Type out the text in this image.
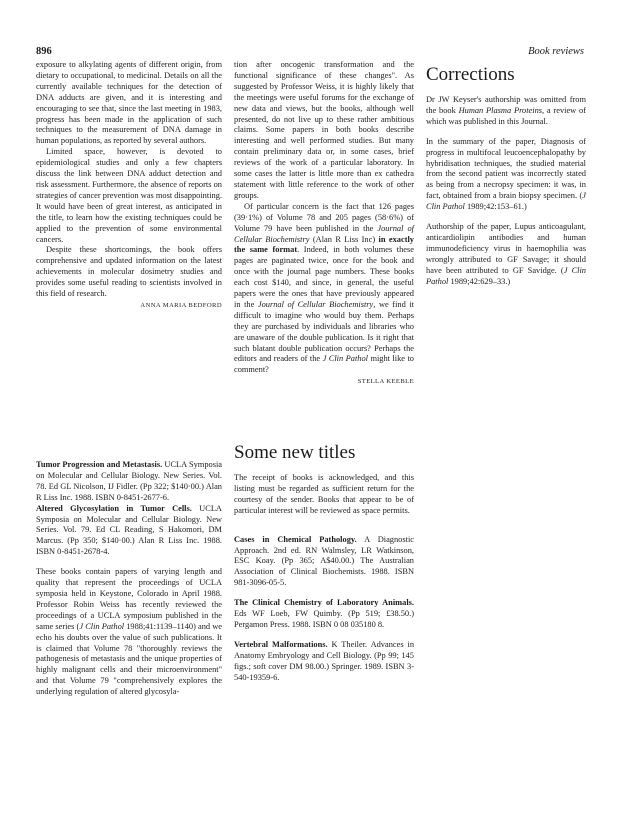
896	Book reviews

exposure to alkylating agents of different origin, from dietary to occupational, to medicinal. Details on all the currently available techniques for the detection of DNA adducts are given, and it is interesting and encouraging to see that, since the last meeting in 1983, progress has been made in the application of such techniques to the measurement of DNA damage in human populations, as reported by several authors.

Limited space, however, is devoted to epidemiological studies and only a few chapters discuss the link between DNA adduct detection and risk assessment. Furthermore, the absence of reports on strategies of cancer prevention was most disappointing. It would have been of great interest, as anticipated in the title, to learn how the existing techniques could be applied to the prevention of some environmental cancers.

Despite these shortcomings, the book offers comprehensive and updated information on the latest achievements in molecular dosimetry studies and provides some useful reading to scientists involved in this field of research.

ANNA MARIA BEDFORD

tion after oncogenic transformation and the functional significance of these changes". As suggested by Professor Weiss, it is highly likely that the meetings were useful forums for the exchange of new data and views, but the books, although well presented, do not live up to these rather ambitious claims. Some papers in both books describe interesting and well performed studies. But many contain preliminary data or, in some cases, brief reviews of the work of a particular laboratory. In some cases the latter is little more than ex cathedra statement with little reference to the work of other groups.

Of particular concern is the fact that 126 pages (39·1%) of Volume 78 and 205 pages (58·6%) of Volume 79 have been published in the Journal of Cellular Biochemistry (Alan R Liss Inc) in exactly the same format. Indeed, in both volumes these pages are paginated twice, once for the book and once with the journal page numbers. These books each cost $140, and since, in general, the useful papers were the ones that have previously appeared in the Journal of Cellular Biochemistry, we find it difficult to imagine who would buy them. Perhaps they are purchased by individuals and libraries who are unaware of the double publication. Is it right that such blatant double publication occurs? Perhaps the editors and readers of the J Clin Pathol might like to comment?

STELLA KEEBLE
Corrections

Dr JW Keyser's authorship was omitted from the book Human Plasma Proteins, a review of which was published in this Journal.

In the summary of the paper, Diagnosis of progress in multifocal leucoencephalopathy by hybridisation techniques, the studied material from the second patient was incorrectly stated as being from a necropsy specimen: it was, in fact, obtained from a brain biopsy specimen. (J Clin Pathol 1989;42:153–61.)

Authorship of the paper, Lupus anticoagulant, anticardiolipin antibodies and human immunodeficiency virus in haemophilia was wrongly attributed to GF Savage; it should have been attributed to GF Savidge. (J Clin Pathol 1989;42:629–33.)

Tumor Progression and Metastasis. UCLA Symposia on Molecular and Cellular Biology. New Series. Vol. 78. Ed GL Nicolson, IJ Fidler. (Pp 322; $140·00.) Alan R Liss Inc. 1988. ISBN 0-8451-2677-6.

Altered Glycosylation in Tumor Cells. UCLA Symposia on Molecular and Cellular Biology. New Series. Vol. 79. Ed CL Reading, S Hakomori, DM Marcus. (Pp 350; $140·00.) Alan R Liss Inc. 1988. ISBN 0-8451-2678-4.

These books contain papers of varying length and quality that represent the proceedings of UCLA symposia held in Keystone, Colorado in April 1988. Professor Robin Weiss has recently reviewed the proceedings of a UCLA symposium published in the same series (J Clin Pathol 1988;41:1139–1140) and we echo his doubts over the value of such publications. It is claimed that Volume 78 "thoroughly reviews the pathogenesis of metastasis and the unique properties of highly malignant cells and their microenvironment" and that Volume 79 "comprehensively explores the underlying regulation of altered glycosyla-

Some new titles

The receipt of books is acknowledged, and this listing must be regarded as sufficient return for the courtesy of the sender. Books that appear to be of particular interest will be reviewed as space permits.

Cases in Chemical Pathology. A Diagnostic Approach. 2nd ed. RN Walmsley, LR Watkinson, ESC Koay. (Pp 365; A$40.00.) The Australian Association of Clinical Biochemists. 1988. ISBN 981-3096-05-5.

The Clinical Chemistry of Laboratory Animals. Eds WF Loeb, FW Quimby. (Pp 519; £38.50.) Pergamon Press. 1988. ISBN 0 08 035180 8.

Vertebral Malformations. K Theiler. Advances in Anatomy Embryology and Cell Biology. (Pp 99; 145 figs.; soft cover DM 98.00.) Springer. 1989. ISBN 3-540-19359-6.
